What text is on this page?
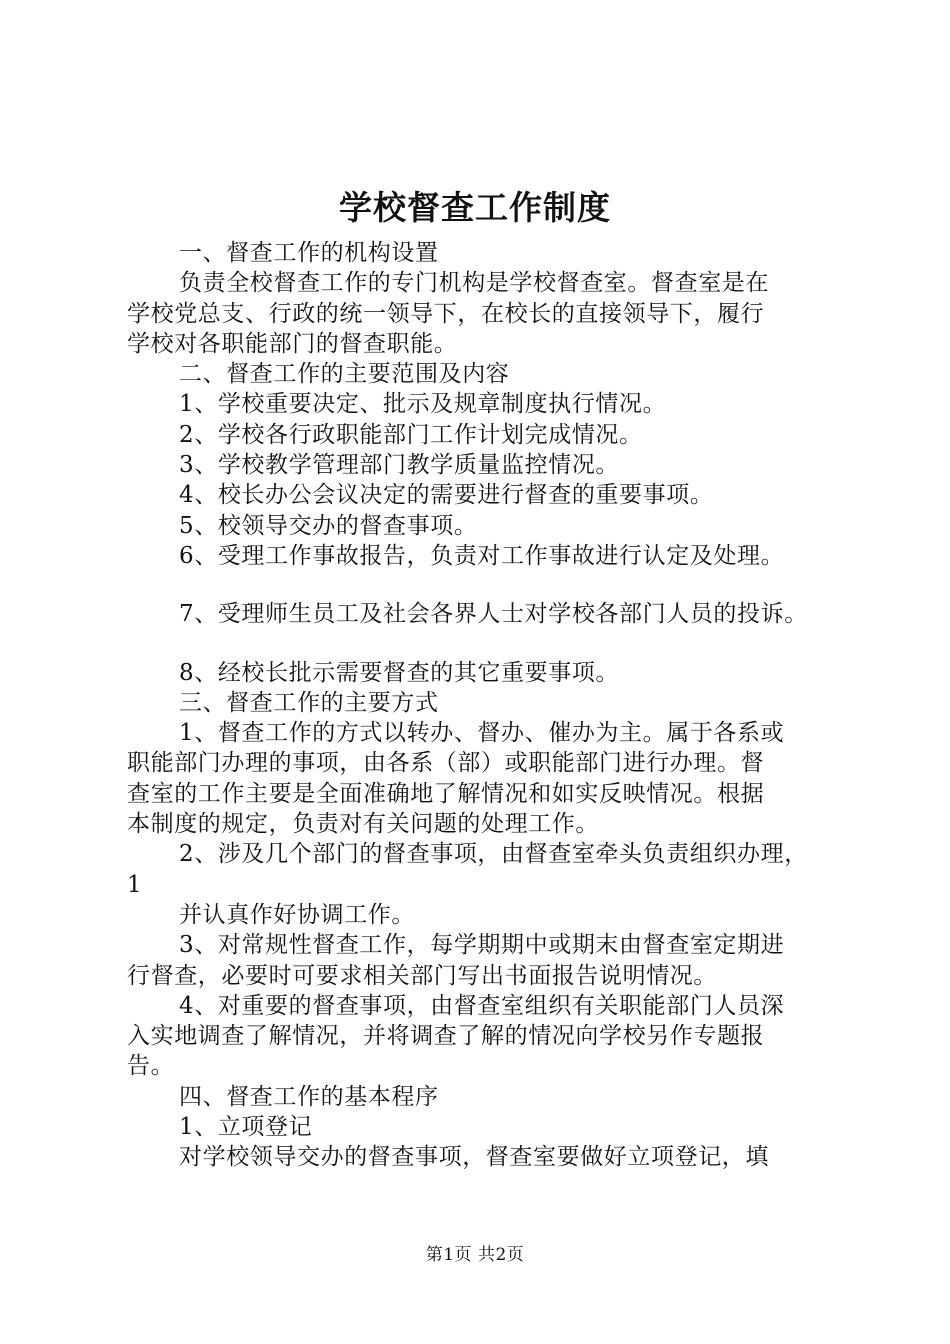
学校督查工作制度
一、督查工作的机构设置
负责全校督查工作的专门机构是学校督查室。督查室是在
学校党总支、行政的统一领导下，在校长的直接领导下，履行
学校对各职能部门的督查职能。
二、督查工作的主要范围及内容
1、学校重要决定、批示及规章制度执行情况。
2、学校各行政职能部门工作计划完成情况。
3、学校教学管理部门教学质量监控情况。
4、校长办公会议决定的需要进行督查的重要事项。
5、校领导交办的督查事项。
6、受理工作事故报告，负责对工作事故进行认定及处理。
7、受理师生员工及社会各界人士对学校各部门人员的投诉。
8、经校长批示需要督查的其它重要事项。
三、督查工作的主要方式
1、督查工作的方式以转办、督办、催办为主。属于各系或
职能部门办理的事项，由各系（部）或职能部门进行办理。督
查室的工作主要是全面准确地了解情况和如实反映情况。根据
本制度的规定，负责对有关问题的处理工作。
2、涉及几个部门的督查事项，由督查室牵头负责组织办理，
1
并认真作好协调工作。
3、对常规性督查工作，每学期期中或期末由督查室定期进
行督查，必要时可要求相关部门写出书面报告说明情况。
4、对重要的督查事项，由督查室组织有关职能部门人员深
入实地调查了解情况，并将调查了解的情况向学校另作专题报
告。
四、督查工作的基本程序
1、立项登记
对学校领导交办的督查事项，督查室要做好立项登记，填
第1页 共2页
